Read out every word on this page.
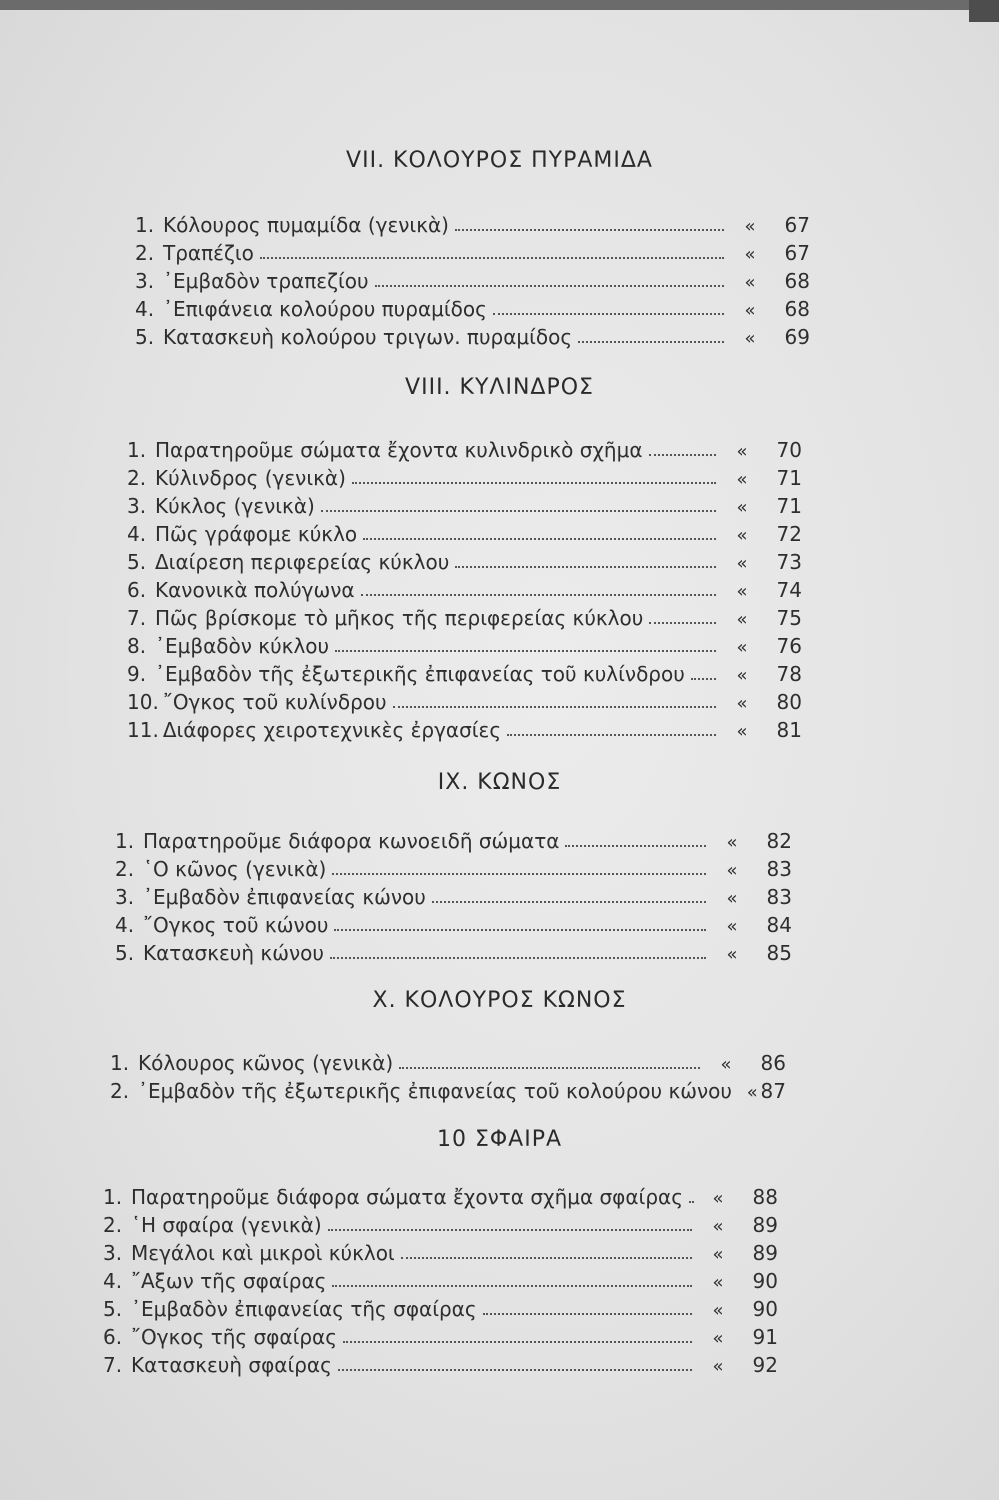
VII. ΚΟΛΟΥΡΟΣ ΠΥΡΑΜΙΔΑ
1. Κόλουρος πυμαμίδα (γενικὰ)	«	67
2. Τραπέζιο	«	67
3. ᾿Εμβαδὸν τραπεζίου	«	68
4. ᾿Επιφάνεια κολούρου πυραμίδος	«	68
5. Κατασκευὴ κολούρου τριγων. πυραμίδος	«	69
VIII. ΚΥΛΙΝΔΡΟΣ
1. Παρατηροῦμε σώματα ἔχοντα κυλινδρικὸ σχῆμα	«	70
2. Κύλινδρος (γενικὰ)	«	71
3. Κύκλος (γενικὰ)	«	71
4. Πῶς γράφομε κύκλο	«	72
5. Διαίρεση περιφερείας κύκλου	«	73
6. Κανονικὰ πολύγωνα	«	74
7. Πῶς βρίσκομε τὸ μῆκος τῆς περιφερείας κύκλου	«	75
8. ᾿Εμβαδὸν κύκλου	«	76
9. ᾿Εμβαδὸν τῆς ἐξωτερικῆς ἐπιφανείας τοῦ κυλίνδρου	«	78
10. ῎Ογκος τοῦ κυλίνδρου	«	80
11. Διάφορες χειροτεχνικὲς ἐργασίες	«	81
IX. ΚΩΝΟΣ
1. Παρατηροῦμε διάφορα κωνοειδῆ σώματα	«	82
2. ῾Ο κῶνος (γενικὰ)	«	83
3. ᾿Εμβαδὸν ἐπιφανείας κώνου	«	83
4. ῎Ογκος τοῦ κώνου	«	84
5. Κατασκευὴ κώνου	«	85
X. ΚΟΛΟΥΡΟΣ ΚΩΝΟΣ
1. Κόλουρος κῶνος (γενικὰ)	«	86
2. ᾿Εμβαδὸν τῆς ἐξωτερικῆς ἐπιφανείας τοῦ κολούρου κώνου « 87
10 ΣΦΑΙΡΑ
1. Παρατηροῦμε διάφορα σώματα ἔχοντα σχῆμα σφαίρας	«	88
2. ῾Η σφαίρα (γενικὰ)	«	89
3. Μεγάλοι καὶ μικροὶ κύκλοι	«	89
4. ῎Αξων τῆς σφαίρας	«	90
5. ᾿Εμβαδὸν ἐπιφανείας τῆς σφαίρας	«	90
6. ῎Ογκος τῆς σφαίρας	«	91
7. Κατασκευὴ σφαίρας	«	92
